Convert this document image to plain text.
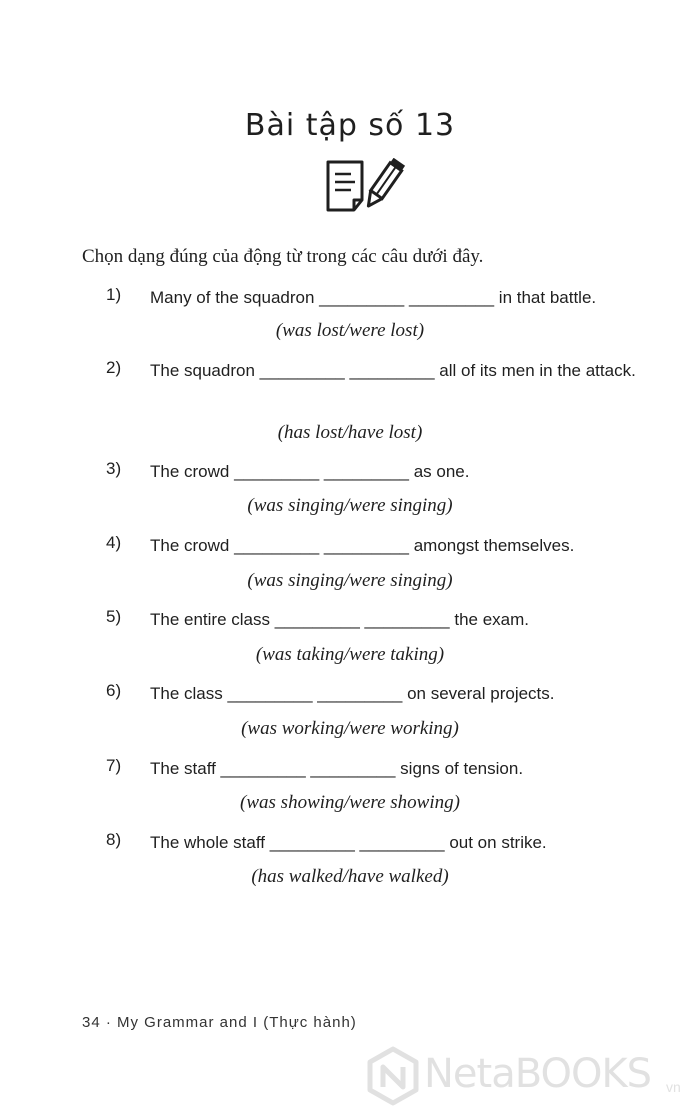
Bài tập số 13
Chọn dạng đúng của động từ trong các câu dưới đây.
1) Many of the squadron _________ _________ in that battle.
(was lost/were lost)
2) The squadron _________ _________ all of its men in the attack.
(has lost/have lost)
3) The crowd _________ _________ as one.
(was singing/were singing)
4) The crowd _________ _________ amongst themselves.
(was singing/were singing)
5) The entire class _________ _________ the exam.
(was taking/were taking)
6) The class _________ _________ on several projects.
(was working/were working)
7) The staff _________ _________ signs of tension.
(was showing/were showing)
8) The whole staff _________ _________ out on strike.
(has walked/have walked)
34 · My Grammar and I (Thực hành)
NetaBOOKS vn
